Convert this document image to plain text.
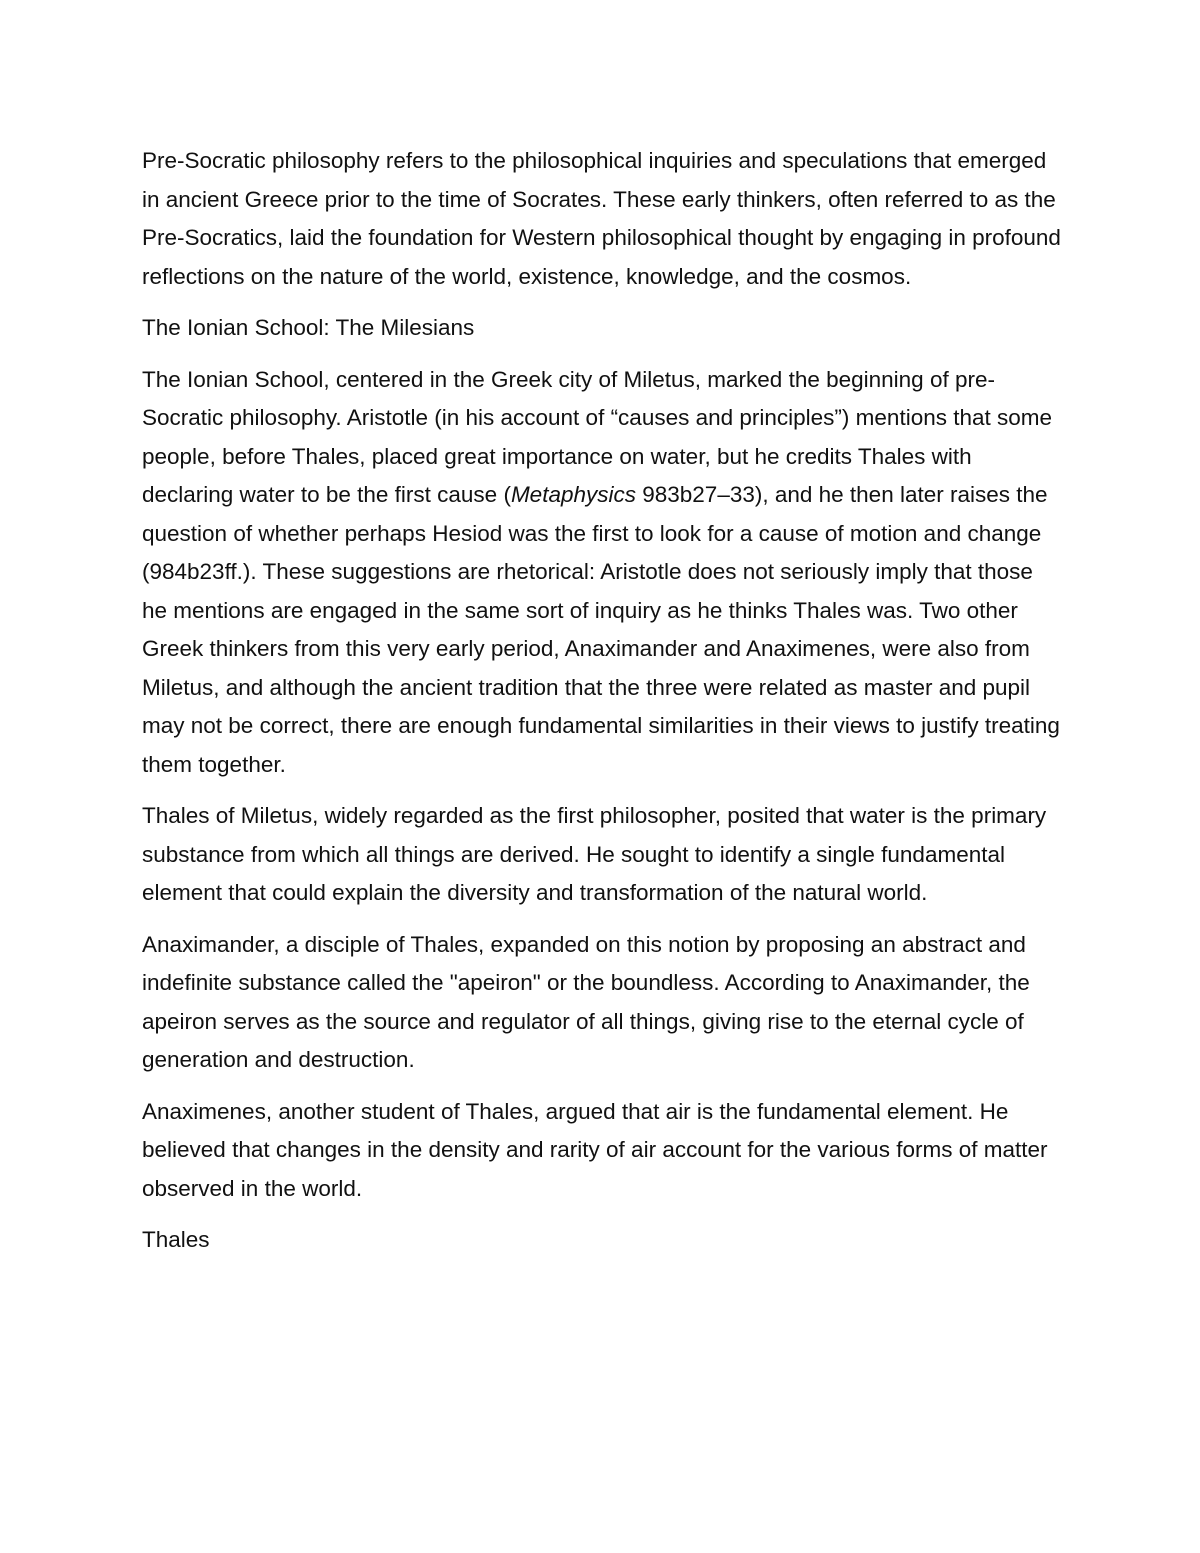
Pre-Socratic philosophy refers to the philosophical inquiries and speculations that emerged in ancient Greece prior to the time of Socrates. These early thinkers, often referred to as the Pre-Socratics, laid the foundation for Western philosophical thought by engaging in profound reflections on the nature of the world, existence, knowledge, and the cosmos.

The Ionian School: The Milesians

The Ionian School, centered in the Greek city of Miletus, marked the beginning of pre-Socratic philosophy. Aristotle (in his account of “causes and principles”) mentions that some people, before Thales, placed great importance on water, but he credits Thales with declaring water to be the first cause (Metaphysics 983b27–33), and he then later raises the question of whether perhaps Hesiod was the first to look for a cause of motion and change (984b23ff.). These suggestions are rhetorical: Aristotle does not seriously imply that those he mentions are engaged in the same sort of inquiry as he thinks Thales was. Two other Greek thinkers from this very early period, Anaximander and Anaximenes, were also from Miletus, and although the ancient tradition that the three were related as master and pupil may not be correct, there are enough fundamental similarities in their views to justify treating them together.

Thales of Miletus, widely regarded as the first philosopher, posited that water is the primary substance from which all things are derived. He sought to identify a single fundamental element that could explain the diversity and transformation of the natural world.

Anaximander, a disciple of Thales, expanded on this notion by proposing an abstract and indefinite substance called the "apeiron" or the boundless. According to Anaximander, the apeiron serves as the source and regulator of all things, giving rise to the eternal cycle of generation and destruction.

Anaximenes, another student of Thales, argued that air is the fundamental element. He believed that changes in the density and rarity of air account for the various forms of matter observed in the world.

Thales
